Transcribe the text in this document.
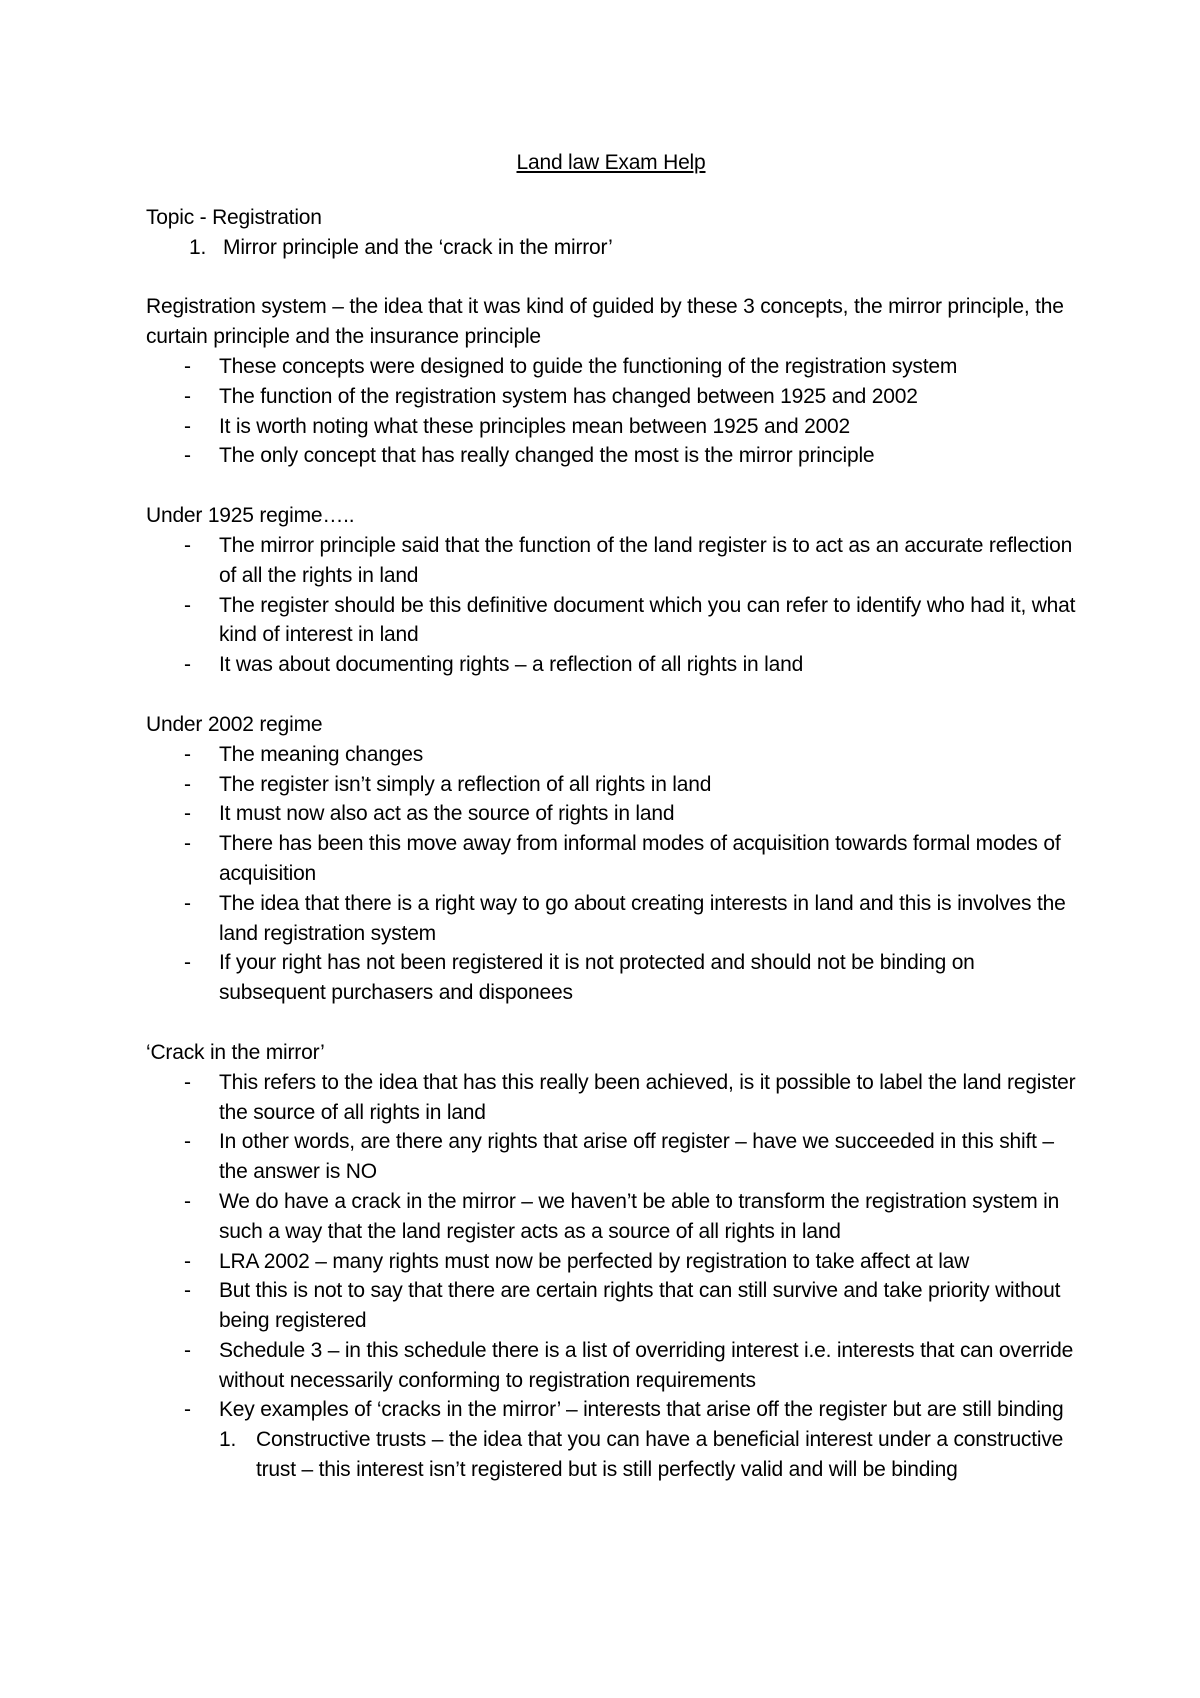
Land law Exam Help

Topic - Registration

1. Mirror principle and the ‘crack in the mirror’

Registration system – the idea that it was kind of guided by these 3 concepts, the mirror principle, the curtain principle and the insurance principle

- These concepts were designed to guide the functioning of the registration system
- The function of the registration system has changed between 1925 and 2002
- It is worth noting what these principles mean between 1925 and 2002
- The only concept that has really changed the most is the mirror principle

Under 1925 regime…..

- The mirror principle said that the function of the land register is to act as an accurate reflection of all the rights in land
- The register should be this definitive document which you can refer to identify who had it, what kind of interest in land
- It was about documenting rights – a reflection of all rights in land

Under 2002 regime

- The meaning changes
- The register isn’t simply a reflection of all rights in land
- It must now also act as the source of rights in land
- There has been this move away from informal modes of acquisition towards formal modes of acquisition
- The idea that there is a right way to go about creating interests in land and this is involves the land registration system
- If your right has not been registered it is not protected and should not be binding on subsequent purchasers and disponees

‘Crack in the mirror’

- This refers to the idea that has this really been achieved, is it possible to label the land register the source of all rights in land
- In other words, are there any rights that arise off register – have we succeeded in this shift – the answer is NO
- We do have a crack in the mirror – we haven’t be able to transform the registration system in such a way that the land register acts as a source of all rights in land
- LRA 2002 – many rights must now be perfected by registration to take affect at law
- But this is not to say that there are certain rights that can still survive and take priority without being registered
- Schedule 3 – in this schedule there is a list of overriding interest i.e. interests that can override without necessarily conforming to registration requirements
- Key examples of ‘cracks in the mirror’ – interests that arise off the register but are still binding
1. Constructive trusts – the idea that you can have a beneficial interest under a constructive trust – this interest isn’t registered but is still perfectly valid and will be binding
